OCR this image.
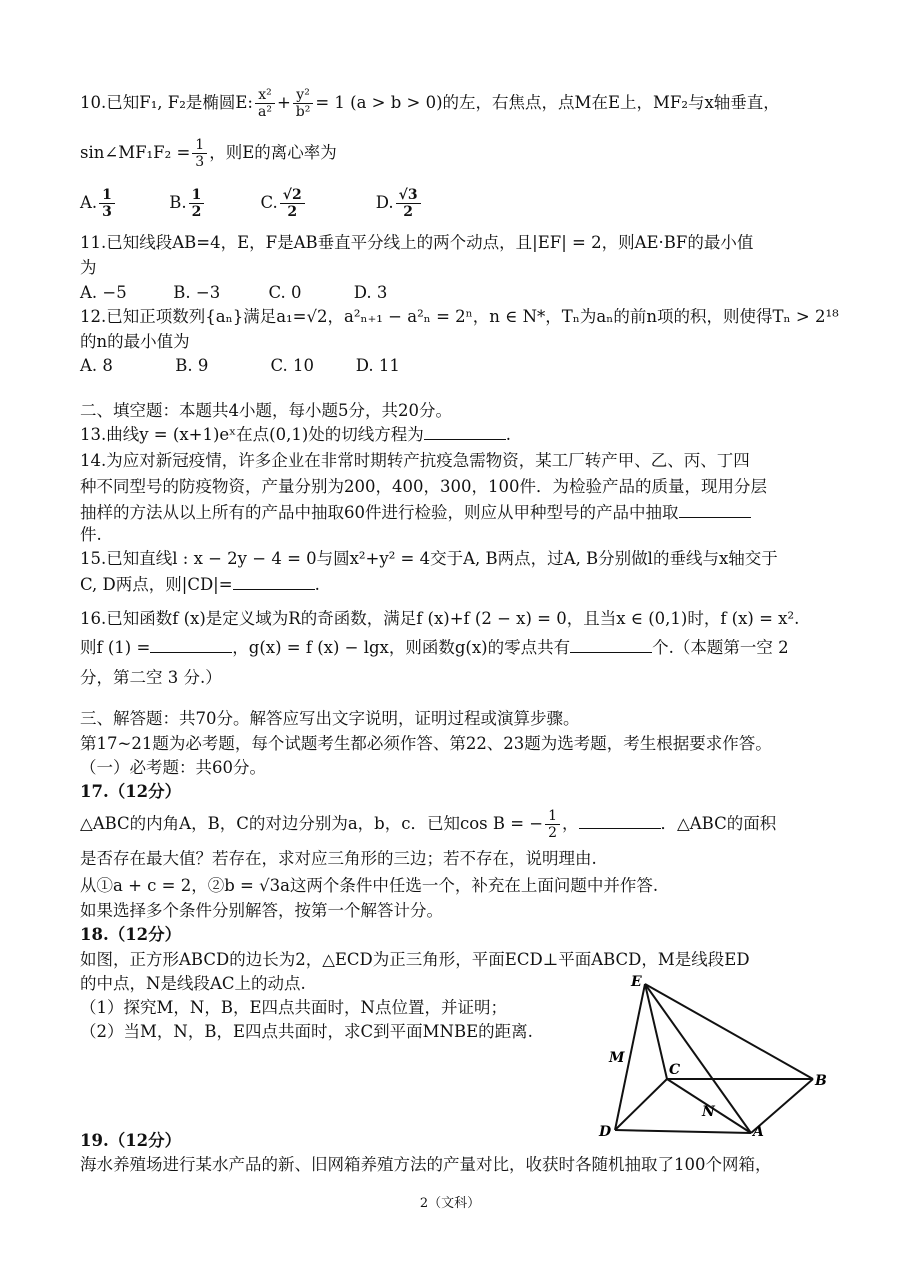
10.已知F₁, F₂是椭圆E: $\frac{\text{x²}}{\text{a²}} + \frac{\text{y²}}{\text{b²}} = 1$ (a > b > 0)的左，右焦点，点M在E上，MF₂与x轴垂直，
sin∠MF₁F₂ = $\frac{1}{3}$ ，则E的离心率为
A. $\frac{1}{3}$	B. $\frac{1}{2}$	C. $\frac{√2}{2}$	D. $\frac{√3}{2}$
11.已知线段AB=4，E，F是AB垂直平分线上的两个动点，且|EF| = 2，则AE·BF的最小值
为
A. −5	B. −3	C. 0	D. 3
12.已知正项数列{aₙ}满足a₁=√2，a²ₙ₊₁ − a²ₙ = 2ⁿ，n ∈ N*，Tₙ为aₙ的前n项的积，则使得Tₙ > 2¹⁸
的n的最小值为
A. 8	B. 9	C. 10	D. 11
二、填空题：本题共4小题，每小题5分，共20分。
13.曲线y = (x+1)eˣ在点(0,1)处的切线方程为	.
14.为应对新冠疫情，许多企业在非常时期转产抗疫急需物资，某工厂转产甲、乙、丙、丁四
种不同型号的防疫物资，产量分别为200，400，300，100件．为检验产品的质量，现用分层
抽样的方法从以上所有的产品中抽取60件进行检验，则应从甲种型号的产品中抽取
件.
15.已知直线l : x − 2y − 4 = 0与圆x²+y² = 4交于A, B两点，过A, B分别做l的垂线与x轴交于
C, D两点，则|CD|=	.
16.已知函数f (x)是定义域为R的奇函数，满足f (x)+f (2 − x) = 0，且当x ∈ (0,1)时，f (x) = x².
则f (1) =	，g(x) = f (x) − lgx，则函数g(x)的零点共有	个.（本题第一空 2
分，第二空 3 分.）
三、解答题：共70分。解答应写出文字说明，证明过程或演算步骤。
第17~21题为必考题，每个试题考生都必须作答、第22、23题为选考题，考生根据要求作答。
（一）必考题：共60分。
17.（12分）
△ABC的内角A，B，C的对边分别为a，b，c．已知cos B = − $\frac{1}{2}$ ，	．△ABC的面积
是否存在最大值？若存在，求对应三角形的三边；若不存在，说明理由.
从①a + c = 2，②b = √3a这两个条件中任选一个，补充在上面问题中并作答.
如果选择多个条件分别解答，按第一个解答计分。
18.（12分）
如图，正方形ABCD的边长为2，△ECD为正三角形，平面ECD⊥平面ABCD，M是线段ED
的中点，N是线段AC上的动点.
（1）探究M，N，B，E四点共面时，N点位置，并证明；
（2）当M，N，B，E四点共面时，求C到平面MNBE的距离.
E
M
C
B
N
D	A
19.（12分）
海水养殖场进行某水产品的新、旧网箱养殖方法的产量对比，收获时各随机抽取了100个网箱，
2（文科）
